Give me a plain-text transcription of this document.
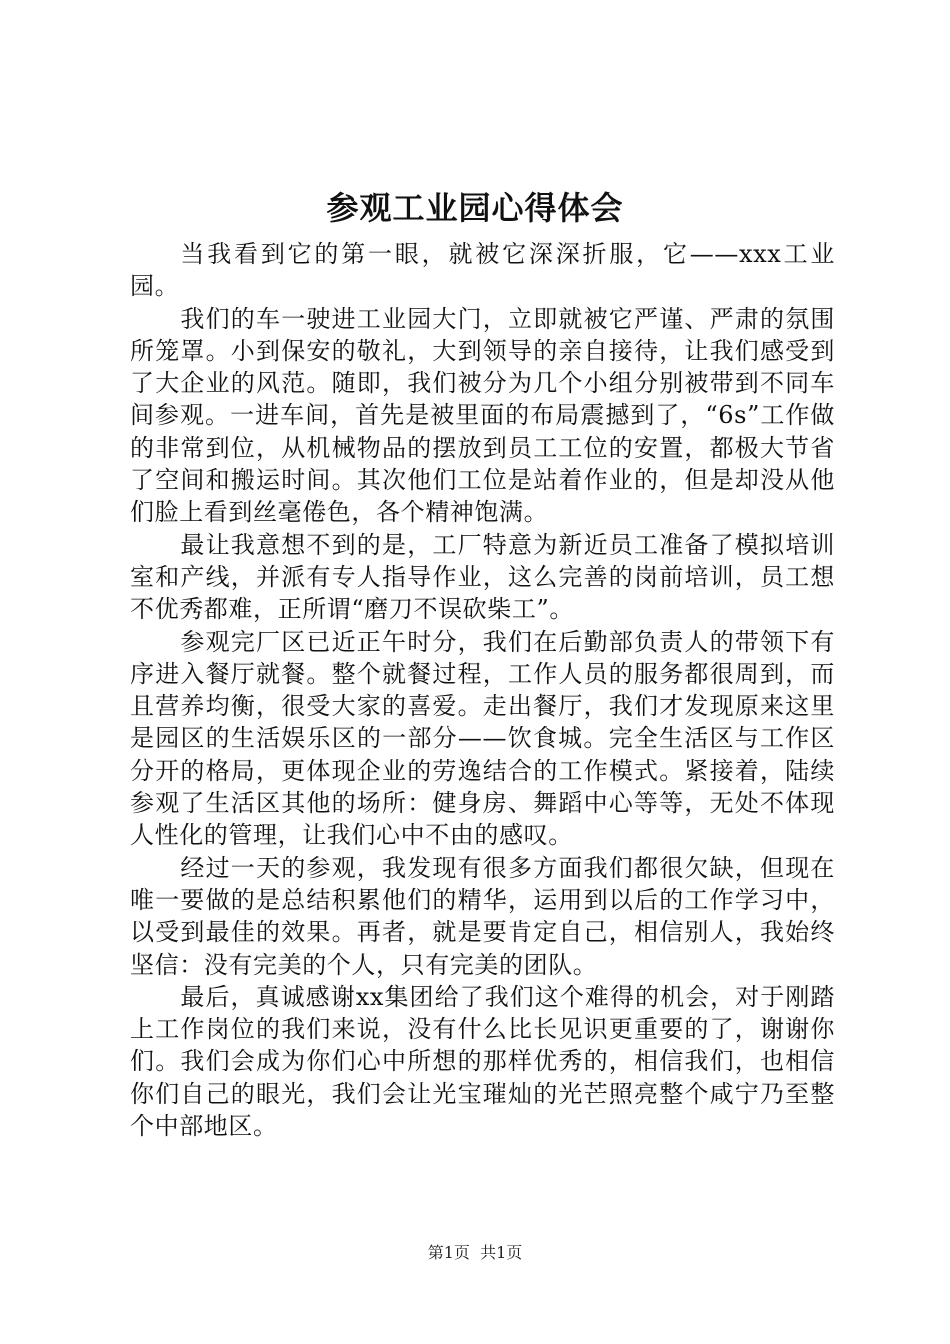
参观工业园心得体会

当我看到它的第一眼，就被它深深折服，它——xxx工业园。

我们的车一驶进工业园大门，立即就被它严谨、严肃的氛围所笼罩。小到保安的敬礼，大到领导的亲自接待，让我们感受到了大企业的风范。随即，我们被分为几个小组分别被带到不同车间参观。一进车间，首先是被里面的布局震撼到了，“6s”工作做的非常到位，从机械物品的摆放到员工工位的安置，都极大节省了空间和搬运时间。其次他们工位是站着作业的，但是却没从他们脸上看到丝毫倦色，各个精神饱满。

最让我意想不到的是，工厂特意为新近员工准备了模拟培训室和产线，并派有专人指导作业，这么完善的岗前培训，员工想不优秀都难，正所谓“磨刀不误砍柴工”。

参观完厂区已近正午时分，我们在后勤部负责人的带领下有序进入餐厅就餐。整个就餐过程，工作人员的服务都很周到，而且营养均衡，很受大家的喜爱。走出餐厅，我们才发现原来这里是园区的生活娱乐区的一部分——饮食城。完全生活区与工作区分开的格局，更体现企业的劳逸结合的工作模式。紧接着，陆续参观了生活区其他的场所：健身房、舞蹈中心等等，无处不体现人性化的管理，让我们心中不由的感叹。

经过一天的参观，我发现有很多方面我们都很欠缺，但现在唯一要做的是总结积累他们的精华，运用到以后的工作学习中，以受到最佳的效果。再者，就是要肯定自己，相信别人，我始终坚信：没有完美的个人，只有完美的团队。

最后，真诚感谢xx集团给了我们这个难得的机会，对于刚踏上工作岗位的我们来说，没有什么比长见识更重要的了，谢谢你们。我们会成为你们心中所想的那样优秀的，相信我们，也相信你们自己的眼光，我们会让光宝璀灿的光芒照亮整个咸宁乃至整个中部地区。

第1页 共1页
